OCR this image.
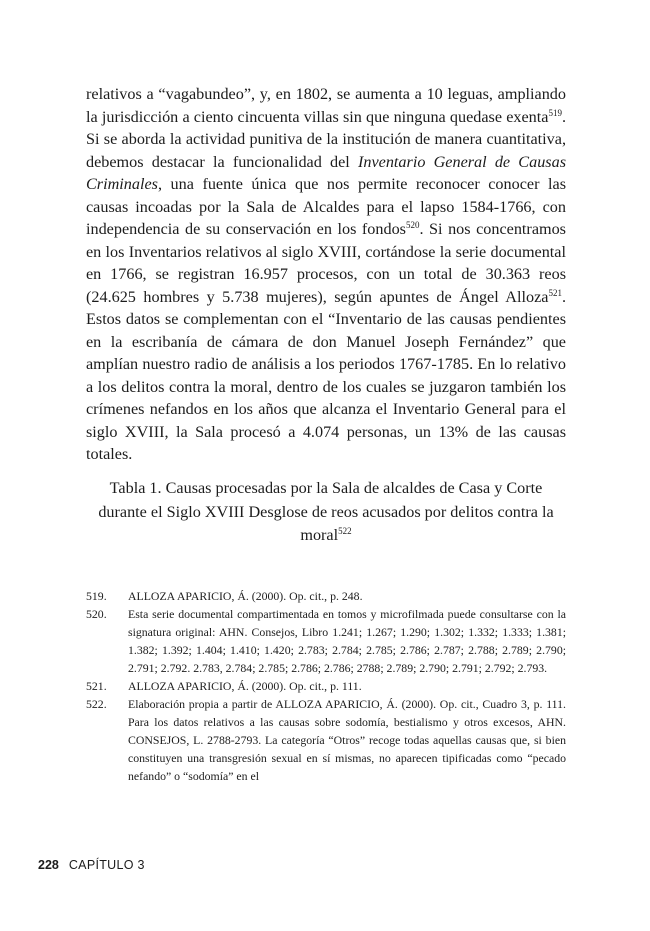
relativos a “vagabundeo”, y, en 1802, se aumenta a 10 leguas, ampliando la jurisdicción a ciento cincuenta villas sin que ninguna quedase exenta$^{519}$. Si se aborda la actividad punitiva de la institución de manera cuantitativa, debemos destacar la funcionalidad del Inventario General de Causas Criminales, una fuente única que nos permite reconocer conocer las causas incoadas por la Sala de Alcaldes para el lapso 1584-1766, con independencia de su conservación en los fondos$^{520}$. Si nos concentramos en los Inventarios relativos al siglo XVIII, cortándose la serie documental en 1766, se registran 16.957 procesos, con un total de 30.363 reos (24.625 hombres y 5.738 mujeres), según apuntes de Ángel Alloza$^{521}$. Estos datos se complementan con el “Inventario de las causas pendientes en la escribanía de cámara de don Manuel Joseph Fernández” que amplían nuestro radio de análisis a los periodos 1767-1785. En lo relativo a los delitos contra la moral, dentro de los cuales se juzgaron también los crímenes nefandos en los años que alcanza el Inventario General para el siglo XVIII, la Sala procesó a 4.074 personas, un 13% de las causas totales.

Tabla 1. Causas procesadas por la Sala de alcaldes de Casa y Corte durante el Siglo XVIII Desglose de reos acusados por delitos contra la moral$^{522}$

519.	ALLOZA APARICIO, Á. (2000). Op. cit., p. 248.
520.	Esta serie documental compartimentada en tomos y microfilmada puede consultarse con la signatura original: AHN. Consejos, Libro 1.241; 1.267; 1.290; 1.302; 1.332; 1.333; 1.381; 1.382; 1.392; 1.404; 1.410; 1.420; 2.783; 2.784; 2.785; 2.786; 2.787; 2.788; 2.789; 2.790; 2.791; 2.792. 2.783, 2.784; 2.785; 2.786; 2.786; 2788; 2.789; 2.790; 2.791; 2.792; 2.793.
521.	ALLOZA APARICIO, Á. (2000). Op. cit., p. 111.
522.	Elaboración propia a partir de ALLOZA APARICIO, Á. (2000). Op. cit., Cuadro 3, p. 111. Para los datos relativos a las causas sobre sodomía, bestialismo y otros excesos, AHN. CONSEJOS, L. 2788-2793. La categoría “Otros” recoge todas aquellas causas que, si bien constituyen una transgresión sexual en sí mismas, no aparecen tipificadas como “pecado nefando” o “sodomía” en el
228 CAPÍTULO 3
